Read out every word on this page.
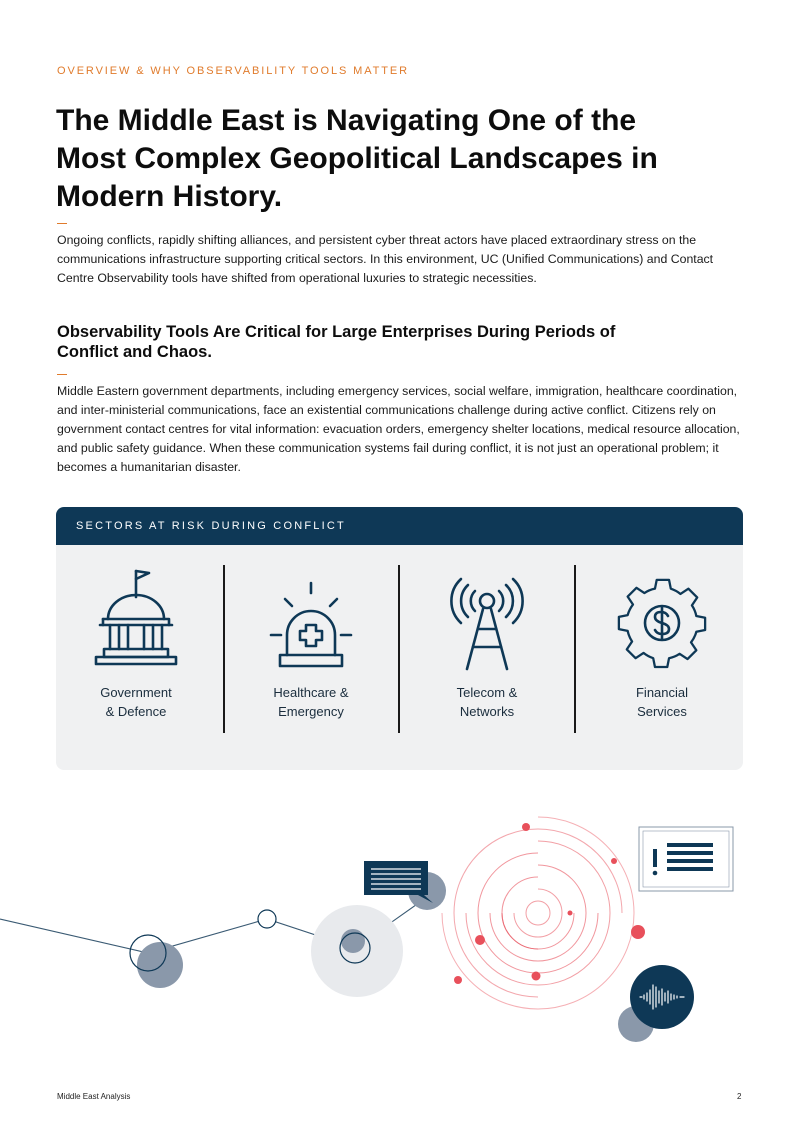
OVERVIEW & WHY OBSERVABILITY TOOLS MATTER
The Middle East is Navigating One of the Most Complex Geopolitical Landscapes in Modern History.

Ongoing conflicts, rapidly shifting alliances, and persistent cyber threat actors have placed extraordinary stress on the communications infrastructure supporting critical sectors. In this environment, UC (Unified Communications) and Contact Centre Observability tools have shifted from operational luxuries to strategic necessities.

Observability Tools Are Critical for Large Enterprises During Periods of Conflict and Chaos.

Middle Eastern government departments, including emergency services, social welfare, immigration, healthcare coordination, and inter-ministerial communications, face an existential communications challenge during active conflict. Citizens rely on government contact centres for vital information: evacuation orders, emergency shelter locations, medical resource allocation, and public safety guidance. When these communication systems fail during conflict, it is not just an operational problem; it becomes a humanitarian disaster.

SECTORS AT RISK DURING CONFLICT
Government
& Defence
Healthcare &
Emergency
Telecom &
Networks
Financial
Services
Middle East Analysis	2
